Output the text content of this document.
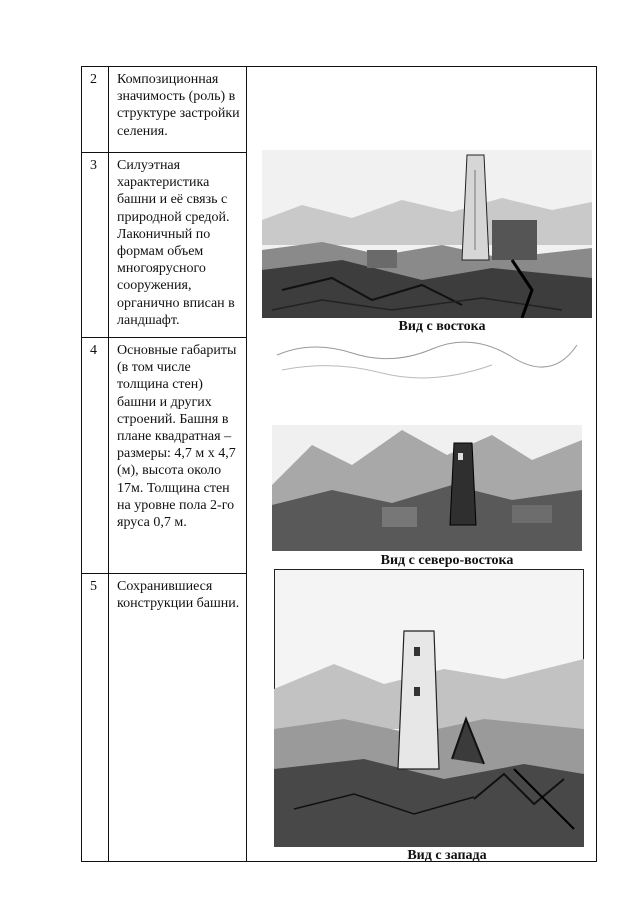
2 Композиционная значимость (роль) в структуре застройки селения.
3 Силуэтная характеристика башни и её связь с природной средой. Лаконичный по формам объем многоярусного сооружения, органично вписан в ландшафт.
4 Основные габариты (в том числе толщина стен) башни и других строений. Башня в плане квадратная – размеры: 4,7 м х 4,7 (м), высота около 17м. Толщина стен на уровне пола 2-го яруса 0,7 м.
5 Сохранившиеся конструкции башни.
Вид с востока
Вид с северо-востока
Вид с запада
